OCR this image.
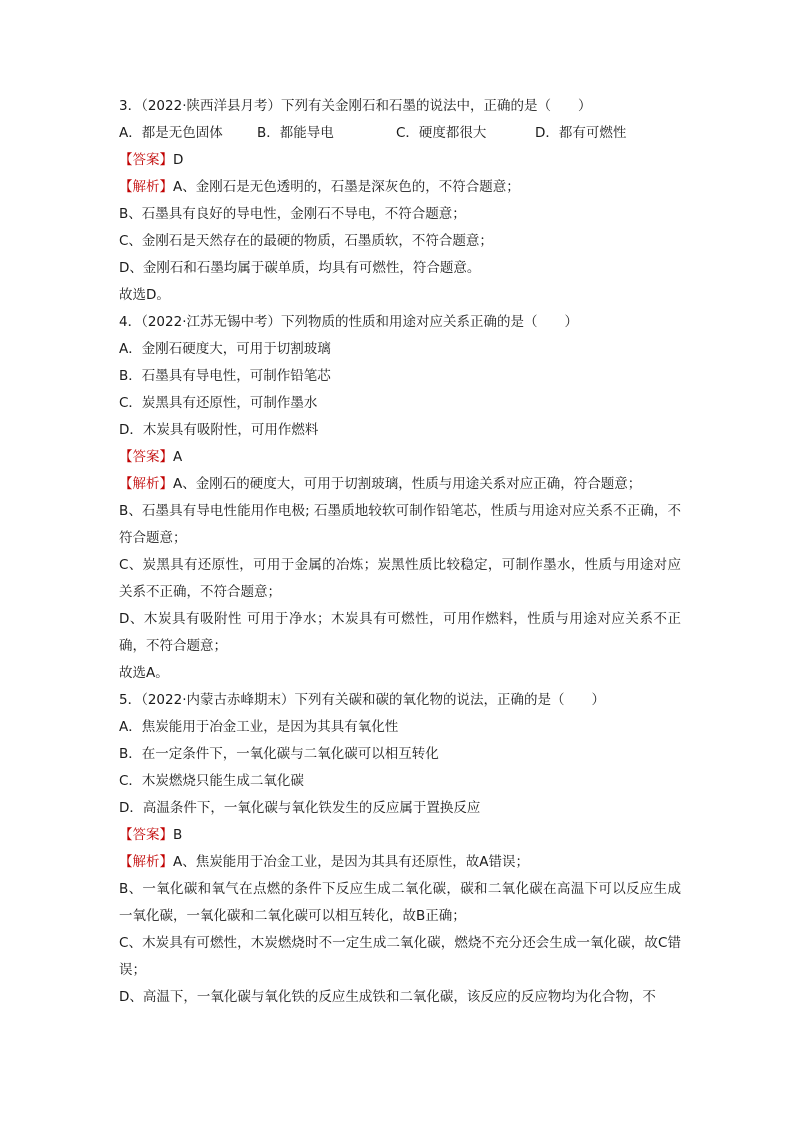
3．（2022·陕西洋县月考）下列有关金刚石和石墨的说法中，正确的是（　　）
A．都是无色固体	B．都能导电	C．硬度都很大	D．都有可燃性
【答案】D
【解析】A、金刚石是无色透明的，石墨是深灰色的，不符合题意；
B、石墨具有良好的导电性，金刚石不导电，不符合题意；
C、金刚石是天然存在的最硬的物质，石墨质软，不符合题意；
D、金刚石和石墨均属于碳单质，均具有可燃性，符合题意。
故选D。
4．（2022·江苏无锡中考）下列物质的性质和用途对应关系正确的是（　　）
A．金刚石硬度大，可用于切割玻璃
B．石墨具有导电性，可制作铅笔芯
C．炭黑具有还原性，可制作墨水
D．木炭具有吸附性，可用作燃料
【答案】A
【解析】A、金刚石的硬度大，可用于切割玻璃，性质与用途关系对应正确，符合题意；
B、石墨具有导电性能用作电极; 石墨质地较软可制作铅笔芯，性质与用途对应关系不正确，不符合题意；
C、炭黑具有还原性，可用于金属的冶炼；炭黑性质比较稳定，可制作墨水，性质与用途对应关系不正确，不符合题意；
D、木炭具有吸附性 可用于净水；木炭具有可燃性，可用作燃料，性质与用途对应关系不正确，不符合题意；
故选A。
5．（2022·内蒙古赤峰期末）下列有关碳和碳的氧化物的说法，正确的是（　　）
A．焦炭能用于冶金工业，是因为其具有氧化性
B．在一定条件下，一氧化碳与二氧化碳可以相互转化
C．木炭燃烧只能生成二氧化碳
D．高温条件下，一氧化碳与氧化铁发生的反应属于置换反应
【答案】B
【解析】A、焦炭能用于冶金工业，是因为其具有还原性，故A错误；
B、一氧化碳和氧气在点燃的条件下反应生成二氧化碳，碳和二氧化碳在高温下可以反应生成一氧化碳，一氧化碳和二氧化碳可以相互转化，故B正确；
C、木炭具有可燃性，木炭燃烧时不一定生成二氧化碳，燃烧不充分还会生成一氧化碳，故C错误；
D、高温下，一氧化碳与氧化铁的反应生成铁和二氧化碳，该反应的反应物均为化合物，不
